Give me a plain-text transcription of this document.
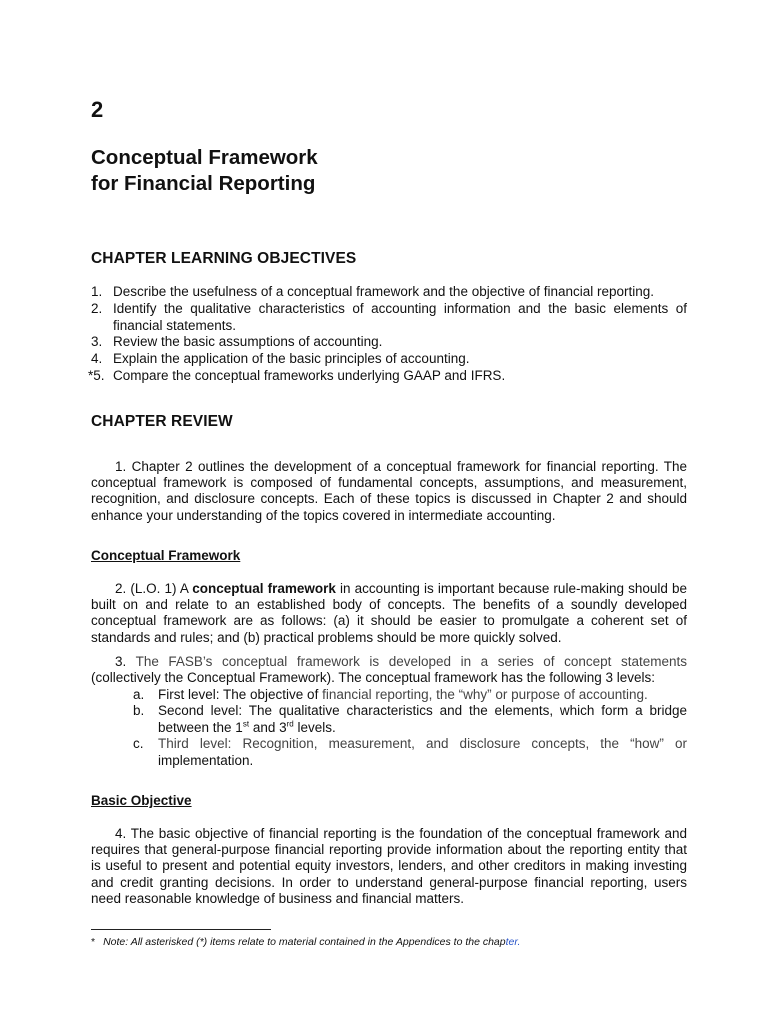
2
Conceptual Framework
for Financial Reporting
CHAPTER LEARNING OBJECTIVES
1. Describe the usefulness of a conceptual framework and the objective of financial reporting.
2. Identify the qualitative characteristics of accounting information and the basic elements of financial statements.
3. Review the basic assumptions of accounting.
4. Explain the application of the basic principles of accounting.
*5. Compare the conceptual frameworks underlying GAAP and IFRS.
CHAPTER REVIEW

1. Chapter 2 outlines the development of a conceptual framework for financial reporting. The conceptual framework is composed of fundamental concepts, assumptions, and measurement, recognition, and disclosure concepts. Each of these topics is discussed in Chapter 2 and should enhance your understanding of the topics covered in intermediate accounting.

Conceptual Framework

2. (L.O. 1) A conceptual framework in accounting is important because rule-making should be built on and relate to an established body of concepts. The benefits of a soundly developed conceptual framework are as follows: (a) it should be easier to promulgate a coherent set of standards and rules; and (b) practical problems should be more quickly solved.

3. The FASB’s conceptual framework is developed in a series of concept statements (collectively the Conceptual Framework). The conceptual framework has the following 3 levels:

a. First level: The objective of financial reporting, the “why” or purpose of accounting.
b. Second level: The qualitative characteristics and the elements, which form a bridge between the 1st and 3rd levels.
c. Third level: Recognition, measurement, and disclosure concepts, the “how” or implementation.
Basic Objective

4. The basic objective of financial reporting is the foundation of the conceptual framework and requires that general-purpose financial reporting provide information about the reporting entity that is useful to present and potential equity investors, lenders, and other creditors in making investing and credit granting decisions. In order to understand general-purpose financial reporting, users need reasonable knowledge of business and financial matters.

* Note: All asterisked (*) items relate to material contained in the Appendices to the chapter.
